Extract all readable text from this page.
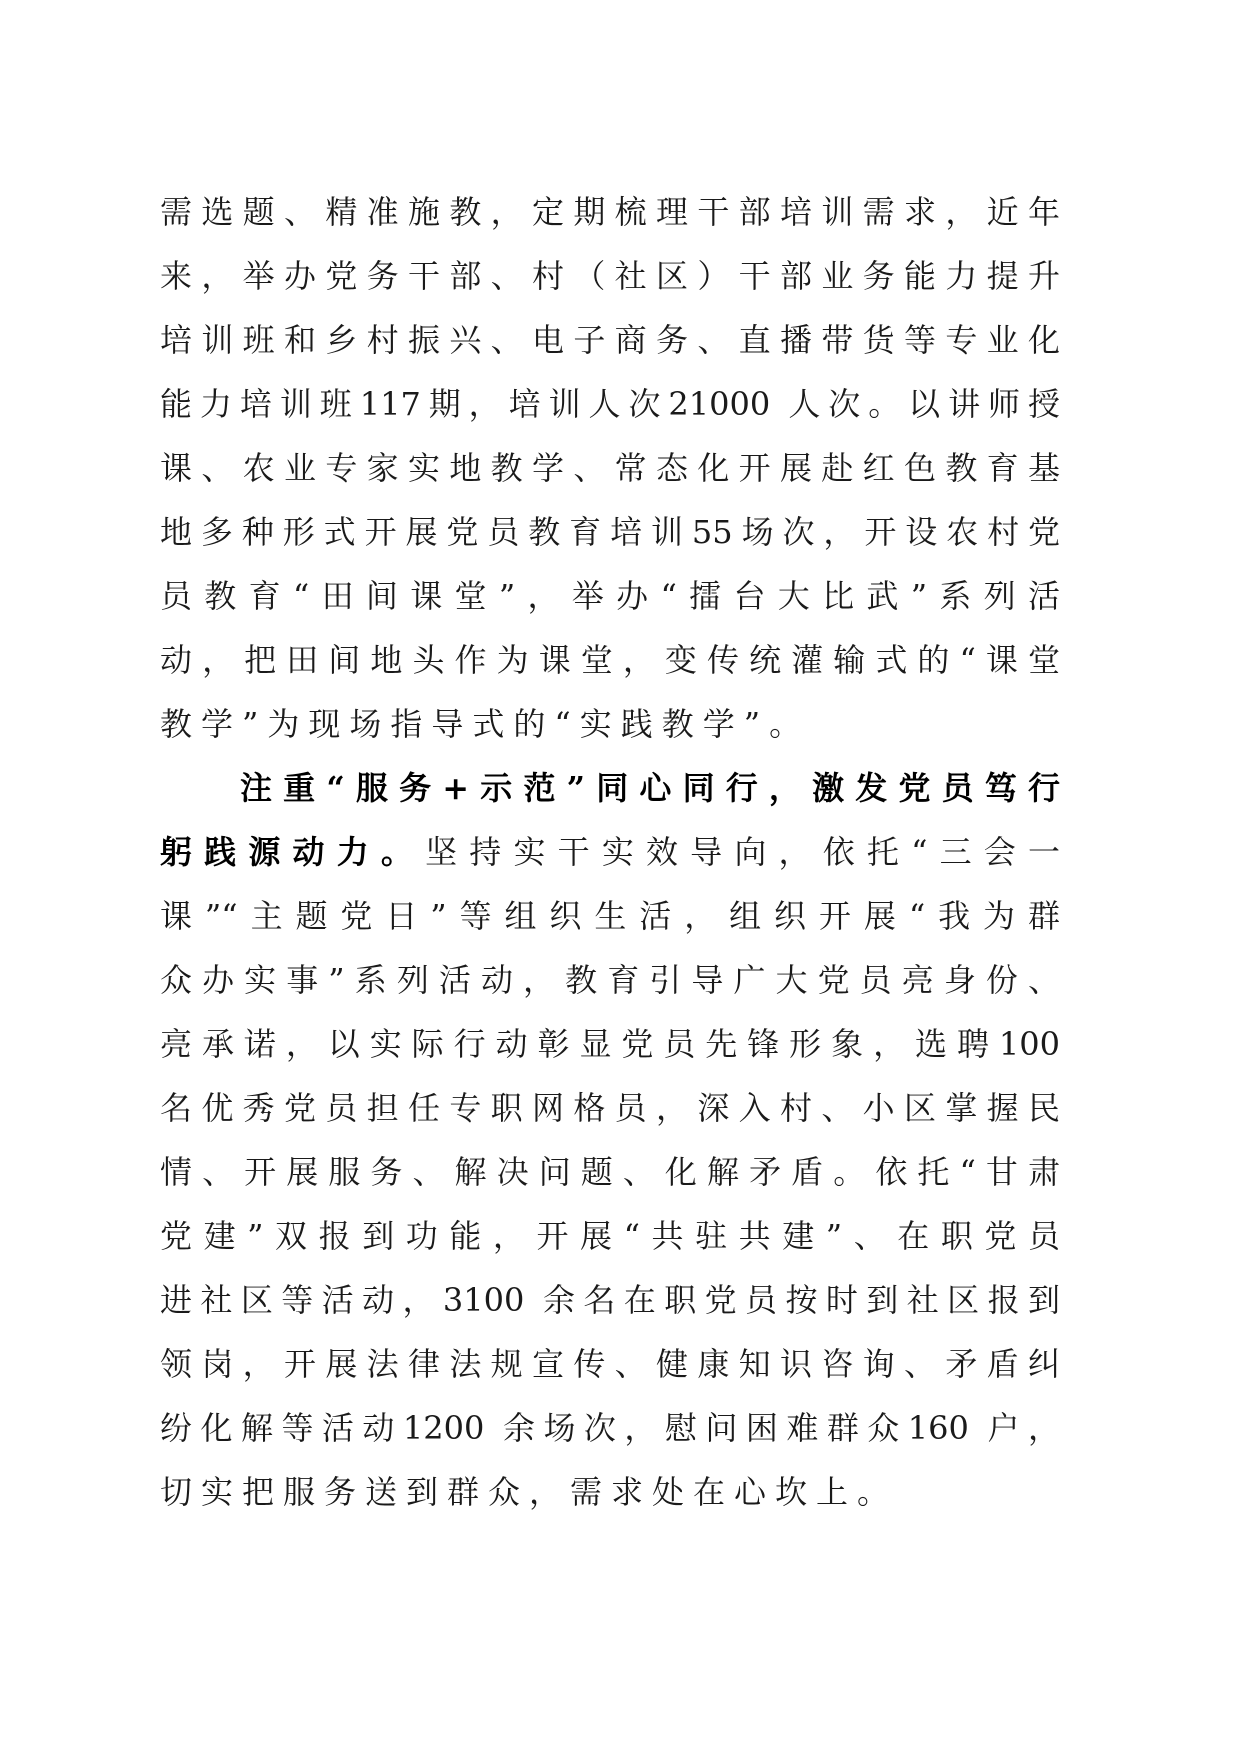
需选题、精准施教，定期梳理干部培训需求，近年
来，举办党务干部、村（社区）干部业务能力提升
培训班和乡村振兴、电子商务、直播带货等专业化
能力培训班117期，培训人次21000 人次。以讲师授
课、农业专家实地教学、常态化开展赴红色教育基
地多种形式开展党员教育培训55场次，开设农村党
员教育“田间课堂”，举办“擂台大比武”系列活
动，把田间地头作为课堂，变传统灌输式的“课堂
教学”为现场指导式的“实践教学”。
注重“服务+示范”同心同行，激发党员笃行
躬践源动力。坚持实干实效导向，依托“三会一
课”“主题党日”等组织生活，组织开展“我为群
众办实事”系列活动，教育引导广大党员亮身份、
亮承诺，以实际行动彰显党员先锋形象，选聘100
名优秀党员担任专职网格员，深入村、小区掌握民
情、开展服务、解决问题、化解矛盾。依托“甘肃
党建”双报到功能，开展“共驻共建”、在职党员
进社区等活动，3100 余名在职党员按时到社区报到
领岗，开展法律法规宣传、健康知识咨询、矛盾纠
纷化解等活动1200 余场次，慰问困难群众160 户，
切实把服务送到群众，需求处在心坎上。
